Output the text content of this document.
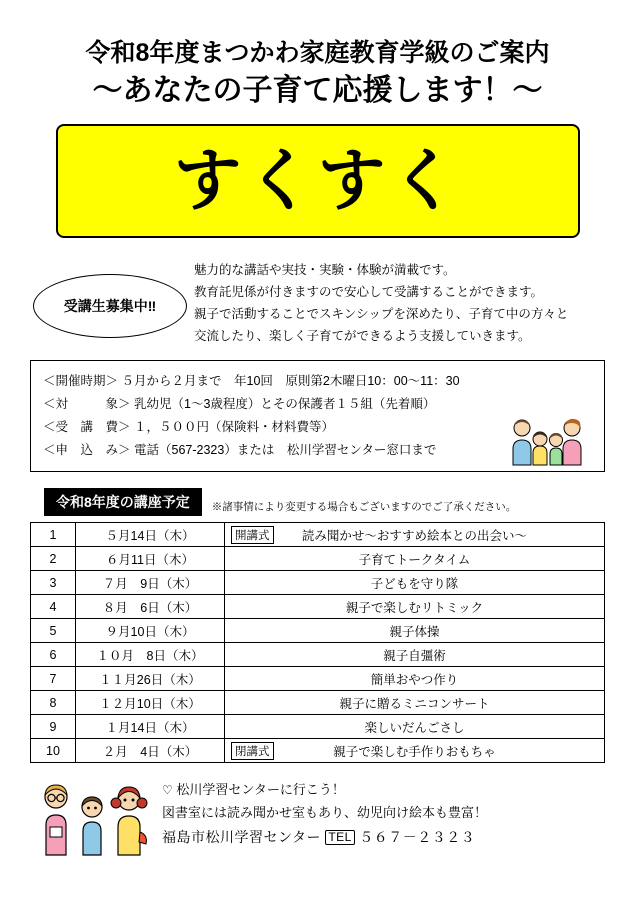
令和8年度まつかわ家庭教育学級のご案内
～あなたの子育て応援します！～
すくすく
受講生募集中‼
魅力的な講話や実技・実験・体験が満載です。
教育託児係が付きますので安心して受講することができます。
親子で活動することでスキンシップを深めたり、子育て中の方々と
交流したり、楽しく子育てができるよう支援していきます。
＜開催時期＞ ５月から２月まで　年10回　原則第2木曜日10：00～11：30
＜対　　　象＞ 乳幼児（1～3歳程度）とその保護者１５組（先着順）
＜受　講　費＞ １，５００円（保険料・材料費等）
＜申　込　み＞ 電話（567-2323）または　松川学習センター窓口まで
令和8年度の講座予定	※諸事情により変更する場合もございますのでご了承ください。
1	５月14日（木）	開講式 読み聞かせ～おすすめ絵本との出会い～
2	６月11日（木）	子育てトークタイム
3	７月　9日（木）	子どもを守り隊
4	８月　6日（木）	親子で楽しむリトミック
5	９月10日（木）	親子体操
6	１０月　8日（木）	親子自彊術
7	１１月26日（木）	簡単おやつ作り
8	１２月10日（木）	親子に贈るミニコンサート
9	１月14日（木）	楽しいだんごさし
10	２月　4日（木）	閉講式 親子で楽しむ手作りおもちゃ
♡ 松川学習センターに行こう！
図書室には読み聞かせ室もあり、幼児向け絵本も豊富！
福島市松川学習センター TEL ５６７－２３２３
